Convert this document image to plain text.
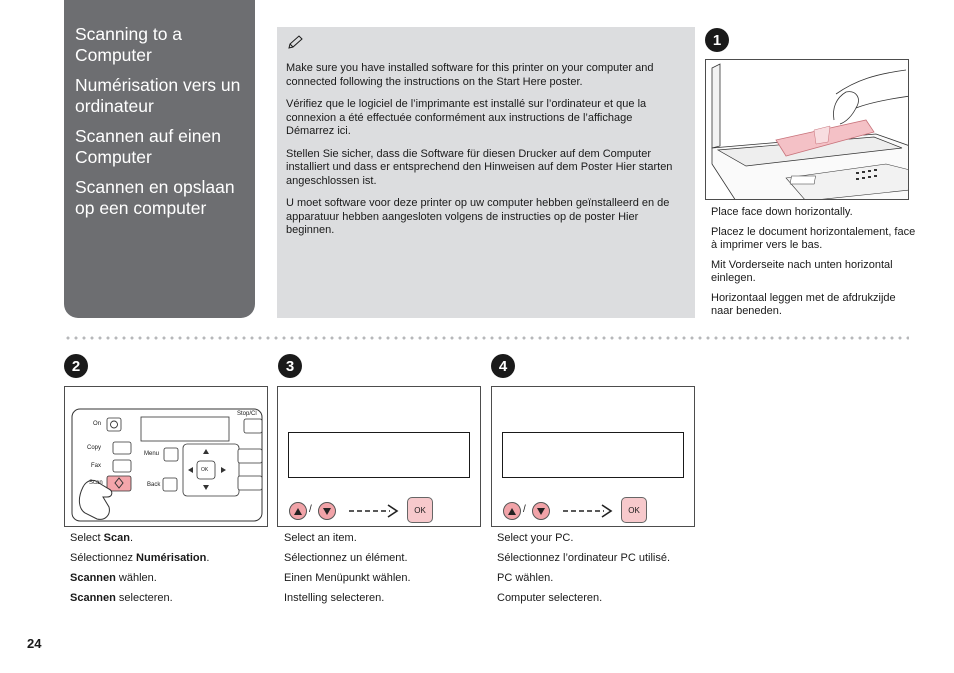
Scanning to a Computer

Numérisation vers un ordinateur

Scannen auf einen Computer

Scannen en opslaan op een computer

Make sure you have installed software for this printer on your computer and connected following the instructions on the Start Here poster.

Vérifiez que le logiciel de l’imprimante est installé sur l’ordinateur et que la connexion a été effectuée conformément aux instructions de l’affichage Démarrez ici.

Stellen Sie sicher, dass die Software für diesen Drucker auf dem Computer installiert und dass er entsprechend den Hinweisen auf dem Poster Hier starten angeschlossen ist.

U moet software voor deze printer op uw computer hebben geïnstalleerd en de apparatuur hebben aangesloten volgens de instructies op de poster Hier beginnen.

1

Place face down horizontally.

Placez le document horizontalement, face à imprimer vers le bas.

Mit Vorderseite nach unten horizontal einlegen.

Horizontaal leggen met de afdrukzijde naar beneden.

2
On
Copy
Fax
Scan
Menu
Back
OK
Stop/Cl

Select Scan.

Sélectionnez Numérisation.

Scannen wählen.

Scannen selecteren.

3

/	OK

Select an item.

Sélectionnez un élément.

Einen Menüpunkt wählen.

Instelling selecteren.

4

/	OK

Select your PC.

Sélectionnez l’ordinateur PC utilisé.

PC wählen.

Computer selecteren.

24
